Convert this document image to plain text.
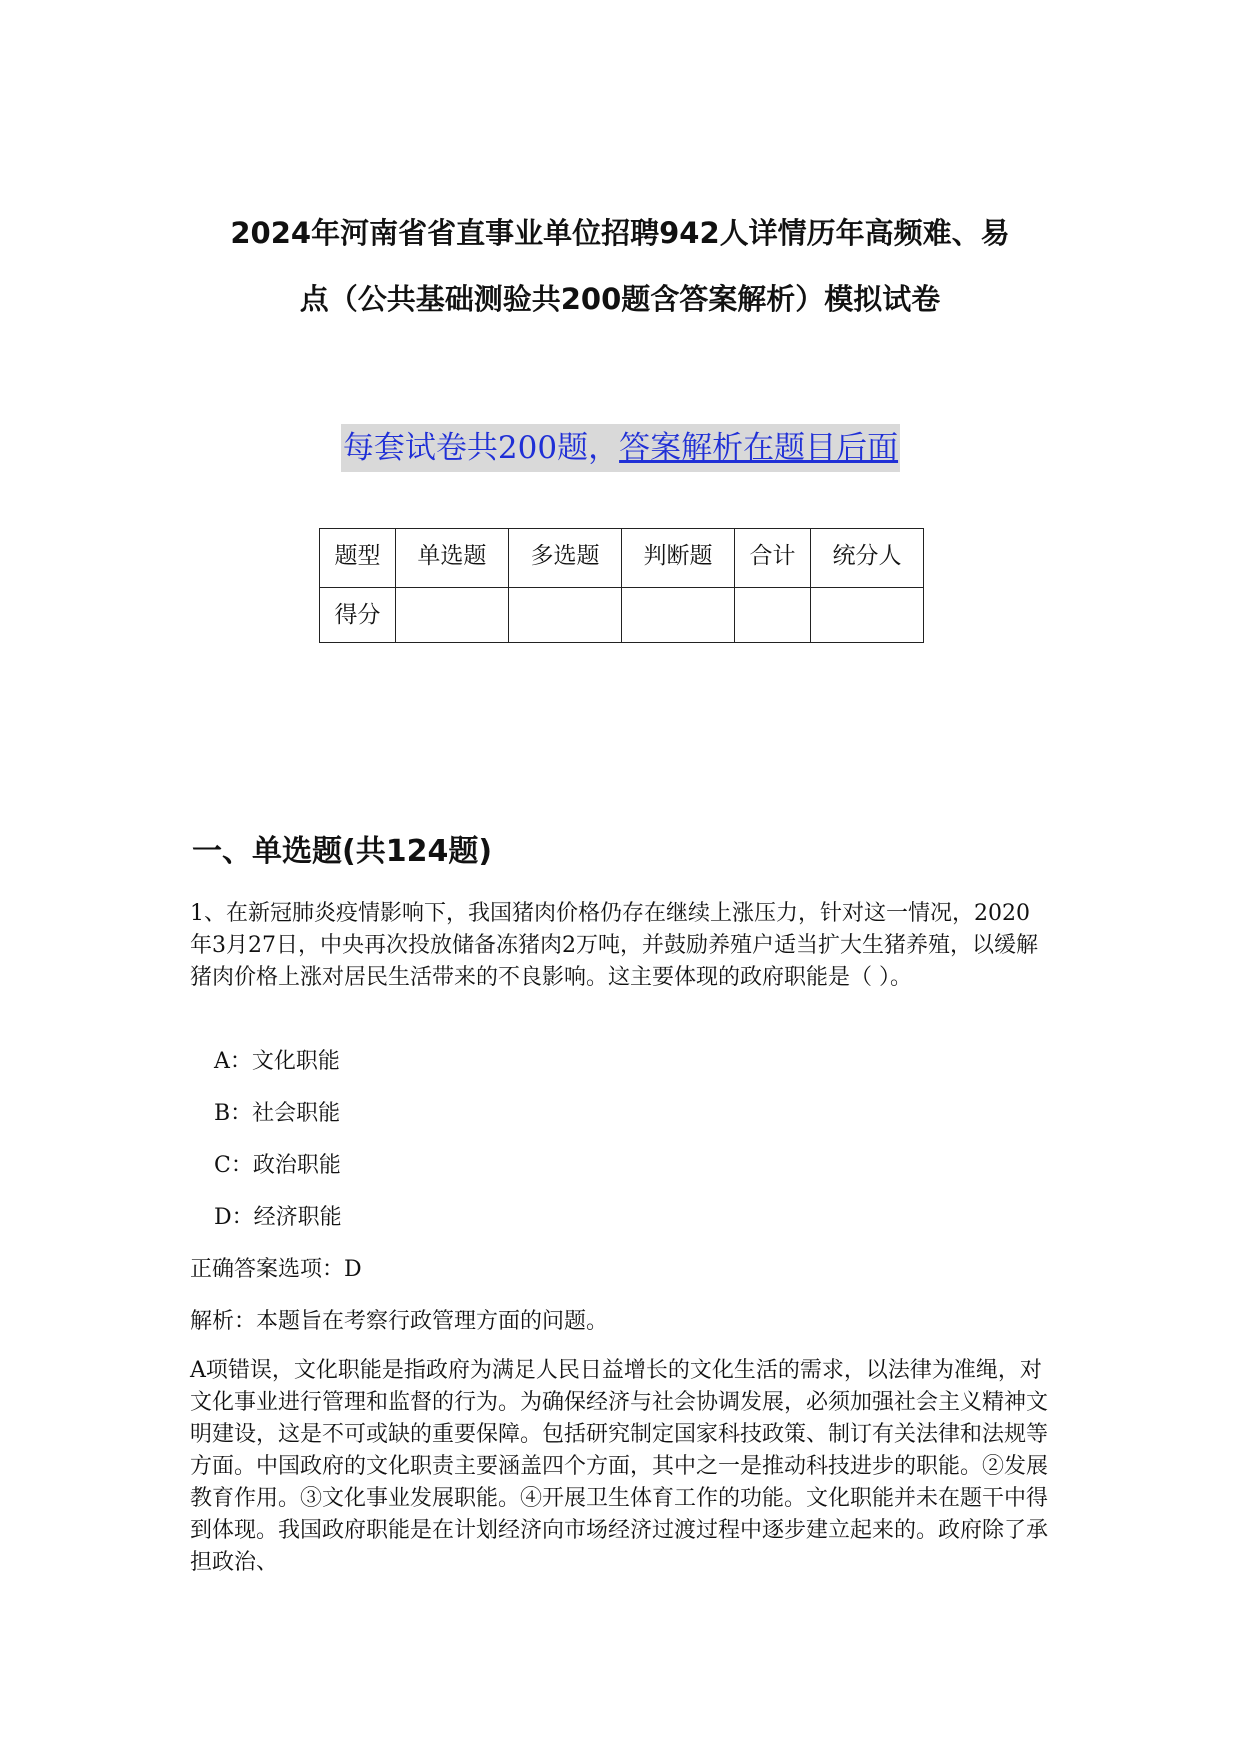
2024年河南省省直事业单位招聘942人详情历年高频难、易
点（公共基础测验共200题含答案解析）模拟试卷
每套试卷共200题，答案解析在题目后面
题型	单选题	多选题	判断题	合计	统分人
得分					
一、单选题(共124题)

1、在新冠肺炎疫情影响下，我国猪肉价格仍存在继续上涨压力，针对这一情况，2020年3月27日，中央再次投放储备冻猪肉2万吨，并鼓励养殖户适当扩大生猪养殖，以缓解猪肉价格上涨对居民生活带来的不良影响。这主要体现的政府职能是（ ）。

A：文化职能
B：社会职能
C：政治职能
D：经济职能

正确答案选项：D

解析：本题旨在考察行政管理方面的问题。

A项错误，文化职能是指政府为满足人民日益增长的文化生活的需求，以法律为准绳，对文化事业进行管理和监督的行为。为确保经济与社会协调发展，必须加强社会主义精神文明建设，这是不可或缺的重要保障。包括研究制定国家科技政策、制订有关法律和法规等方面。中国政府的文化职责主要涵盖四个方面，其中之一是推动科技进步的职能。②发展教育作用。③文化事业发展职能。④开展卫生体育工作的功能。文化职能并未在题干中得到体现。我国政府职能是在计划经济向市场经济过渡过程中逐步建立起来的。政府除了承担政治、
